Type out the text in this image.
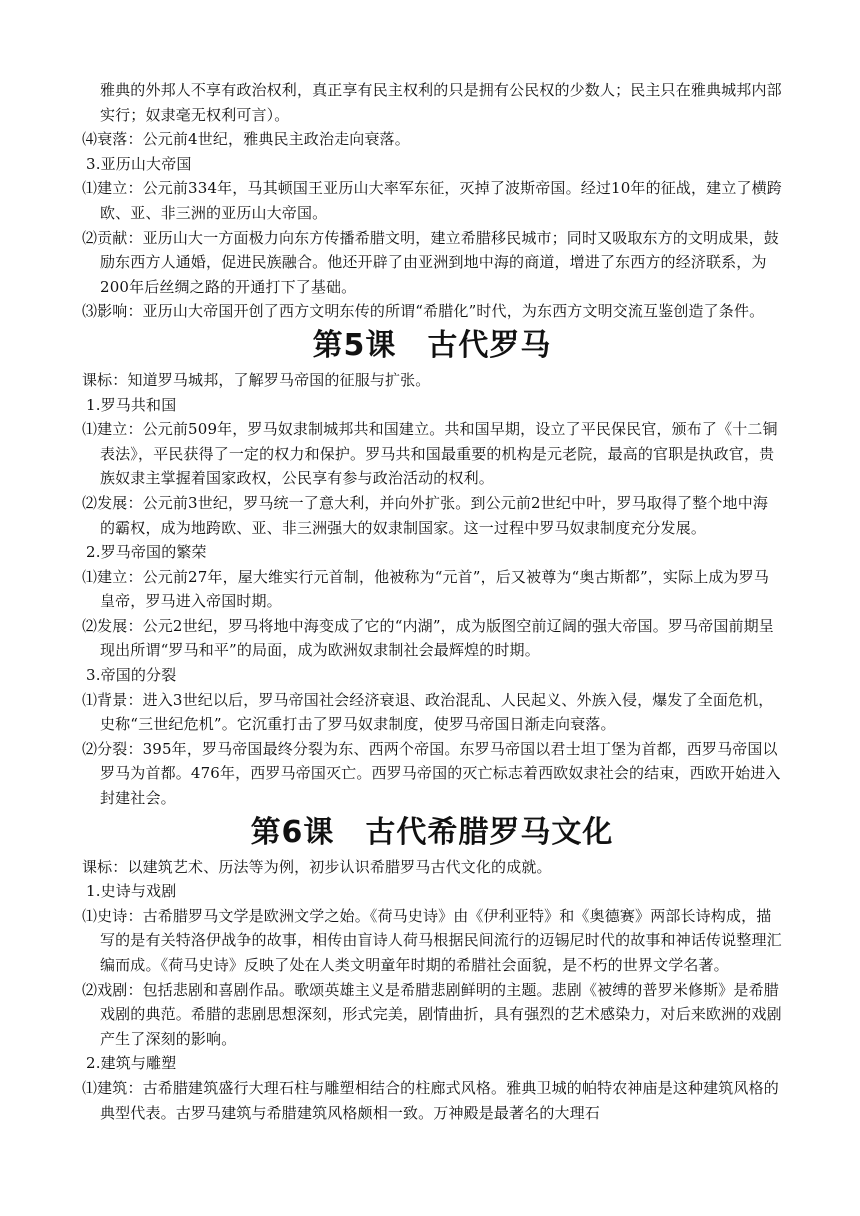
雅典的外邦人不享有政治权利，真正享有民主权利的只是拥有公民权的少数人；民主只在雅典城邦内部实行；奴隶毫无权利可言）。

⑷衰落：公元前4世纪，雅典民主政治走向衰落。

3.亚历山大帝国

⑴建立：公元前334年，马其顿国王亚历山大率军东征，灭掉了波斯帝国。经过10年的征战，建立了横跨欧、亚、非三洲的亚历山大帝国。

⑵贡献：亚历山大一方面极力向东方传播希腊文明，建立希腊移民城市；同时又吸取东方的文明成果，鼓励东西方人通婚，促进民族融合。他还开辟了由亚洲到地中海的商道，增进了东西方的经济联系，为200年后丝绸之路的开通打下了基础。

⑶影响：亚历山大帝国开创了西方文明东传的所谓“希腊化”时代，为东西方文明交流互鉴创造了条件。

第5课　古代罗马

课标：知道罗马城邦，了解罗马帝国的征服与扩张。

1.罗马共和国

⑴建立：公元前509年，罗马奴隶制城邦共和国建立。共和国早期，设立了平民保民官，颁布了《十二铜表法》，平民获得了一定的权力和保护。罗马共和国最重要的机构是元老院，最高的官职是执政官，贵族奴隶主掌握着国家政权，公民享有参与政治活动的权利。

⑵发展：公元前3世纪，罗马统一了意大利，并向外扩张。到公元前2世纪中叶，罗马取得了整个地中海的霸权，成为地跨欧、亚、非三洲强大的奴隶制国家。这一过程中罗马奴隶制度充分发展。

2.罗马帝国的繁荣

⑴建立：公元前27年，屋大维实行元首制，他被称为“元首”，后又被尊为“奥古斯都”，实际上成为罗马皇帝，罗马进入帝国时期。

⑵发展：公元2世纪，罗马将地中海变成了它的“内湖”，成为版图空前辽阔的强大帝国。罗马帝国前期呈现出所谓“罗马和平”的局面，成为欧洲奴隶制社会最辉煌的时期。

3.帝国的分裂

⑴背景：进入3世纪以后，罗马帝国社会经济衰退、政治混乱、人民起义、外族入侵，爆发了全面危机，史称“三世纪危机”。它沉重打击了罗马奴隶制度，使罗马帝国日渐走向衰落。

⑵分裂：395年，罗马帝国最终分裂为东、西两个帝国。东罗马帝国以君士坦丁堡为首都，西罗马帝国以罗马为首都。476年，西罗马帝国灭亡。西罗马帝国的灭亡标志着西欧奴隶社会的结束，西欧开始进入封建社会。

第6课　古代希腊罗马文化

课标：以建筑艺术、历法等为例，初步认识希腊罗马古代文化的成就。

1.史诗与戏剧

⑴史诗：古希腊罗马文学是欧洲文学之始。《荷马史诗》由《伊利亚特》和《奥德赛》两部长诗构成，描写的是有关特洛伊战争的故事，相传由盲诗人荷马根据民间流行的迈锡尼时代的故事和神话传说整理汇编而成。《荷马史诗》反映了处在人类文明童年时期的希腊社会面貌，是不朽的世界文学名著。

⑵戏剧：包括悲剧和喜剧作品。歌颂英雄主义是希腊悲剧鲜明的主题。悲剧《被缚的普罗米修斯》是希腊戏剧的典范。希腊的悲剧思想深刻，形式完美，剧情曲折，具有强烈的艺术感染力，对后来欧洲的戏剧产生了深刻的影响。

2.建筑与雕塑

⑴建筑：古希腊建筑盛行大理石柱与雕塑相结合的柱廊式风格。雅典卫城的帕特农神庙是这种建筑风格的典型代表。古罗马建筑与希腊建筑风格颇相一致。万神殿是最著名的大理石
